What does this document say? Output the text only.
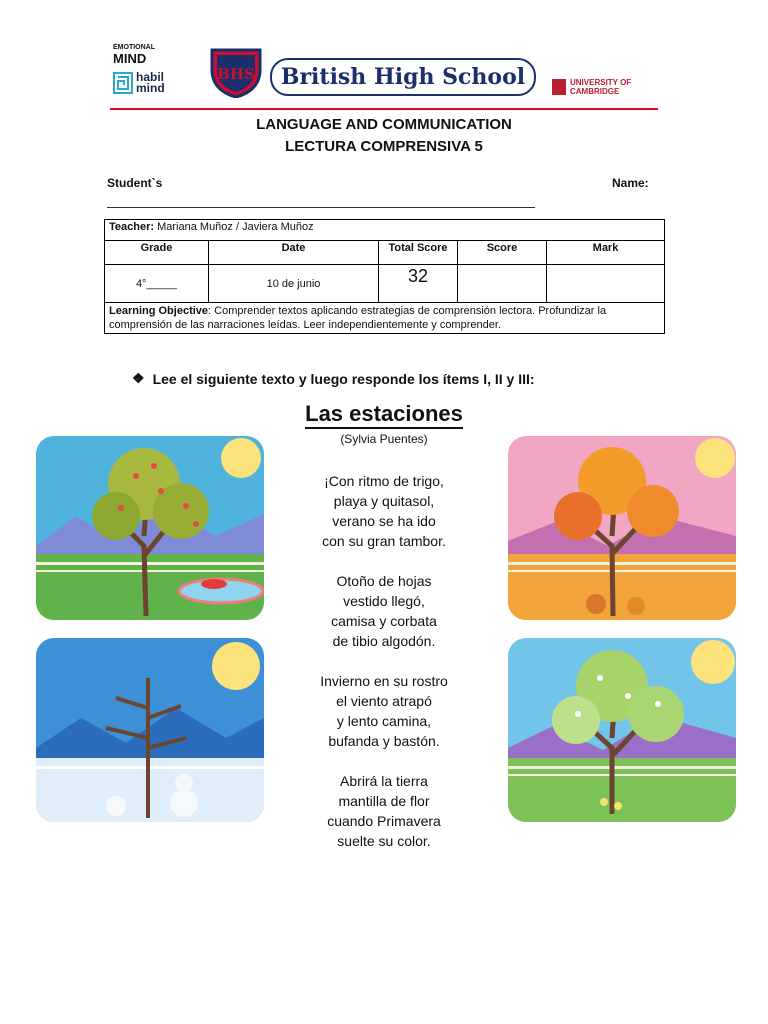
EMOTIONAL
MIND
habil
mind
BHS	British High School	UNIVERSITY OF
CAMBRIDGE
LANGUAGE AND COMMUNICATION
LECTURA COMPRENSIVA 5
Student`s	Name:
Teacher: Mariana Muñoz / Javiera Muñoz				
Grade	Date	Total Score	Score	Mark
4°_____	10 de junio	32		
Learning Objective: Comprender textos aplicando estrategias de comprensión lectora. Profundizar la comprensión de las narraciones leídas. Leer independientemente y comprender.				
❖ Lee el siguiente texto y luego responde los ítems I, II y III:
Las estaciones
(Sylvia Puentes)
¡Con ritmo de trigo,
playa y quitasol,
verano se ha ido
con su gran tambor.
Otoño de hojas
vestido llegó,
camisa y corbata
de tibio algodón.
Invierno en su rostro
el viento atrapó
y lento camina,
bufanda y bastón.
Abrirá la tierra
mantilla de flor
cuando Primavera
suelte su color.
